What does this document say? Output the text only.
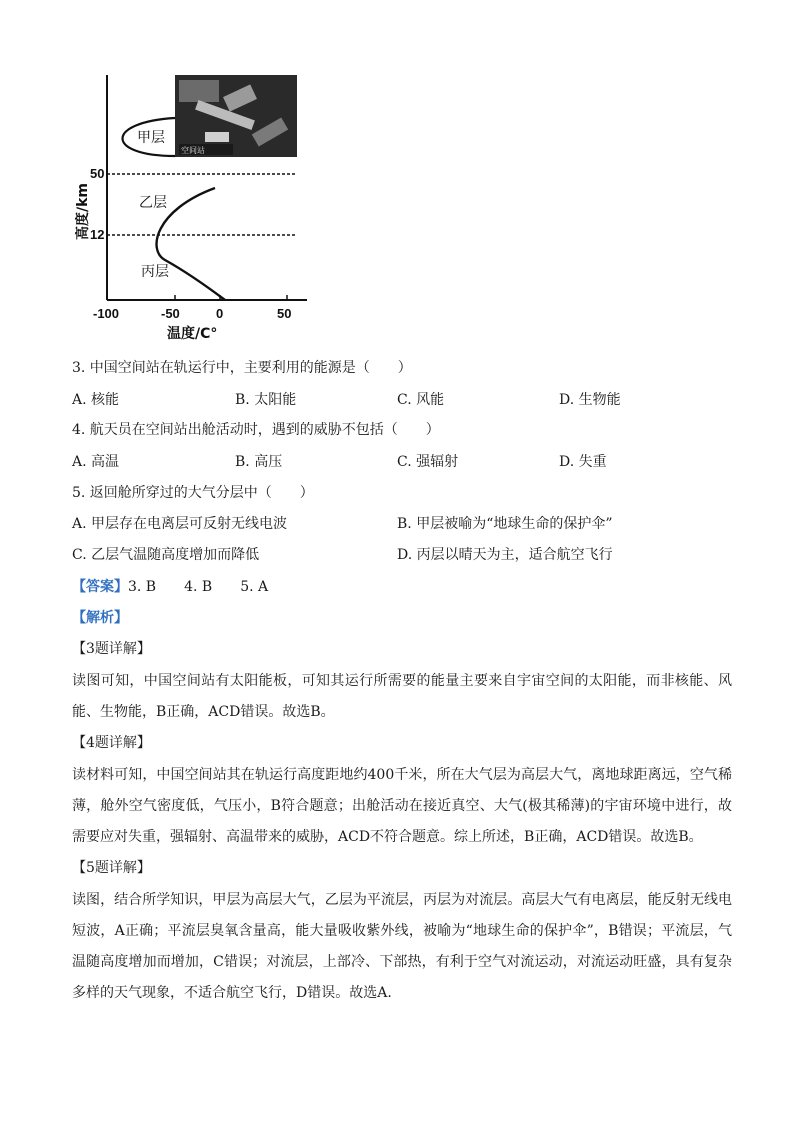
空间站
甲层
乙层
丙层
50
12
高度/km
-100	-50	0	50
温度/C°
3. 中国空间站在轨运行中，主要利用的能源是（　　）
A. 核能	B. 太阳能	C. 风能	D. 生物能
4. 航天员在空间站出舱活动时，遇到的威胁不包括（　　）
A. 高温	B. 高压	C. 强辐射	D. 失重
5. 返回舱所穿过的大气分层中（　　）
A. 甲层存在电离层可反射无线电波	B. 甲层被喻为“地球生命的保护伞”
C. 乙层气温随高度增加而降低	D. 丙层以晴天为主，适合航空飞行
【答案】3. B　　4. B　　5. A
【解析】
【3题详解】
读图可知，中国空间站有太阳能板，可知其运行所需要的能量主要来自宇宙空间的太阳能，而非核能、风能、生物能，B正确，ACD错误。故选B。
【4题详解】
读材料可知，中国空间站其在轨运行高度距地约400千米，所在大气层为高层大气，离地球距离远，空气稀薄，舱外空气密度低，气压小，B符合题意；出舱活动在接近真空、大气(极其稀薄)的宇宙环境中进行，故需要应对失重，强辐射、高温带来的威胁，ACD不符合题意。综上所述，B正确，ACD错误。故选B。
【5题详解】
读图，结合所学知识，甲层为高层大气，乙层为平流层，丙层为对流层。高层大气有电离层，能反射无线电短波，A正确；平流层臭氧含量高，能大量吸收紫外线，被喻为“地球生命的保护伞”，B错误；平流层，气温随高度增加而增加，C错误；对流层，上部冷、下部热，有利于空气对流运动，对流运动旺盛，具有复杂多样的天气现象，不适合航空飞行，D错误。故选A.
